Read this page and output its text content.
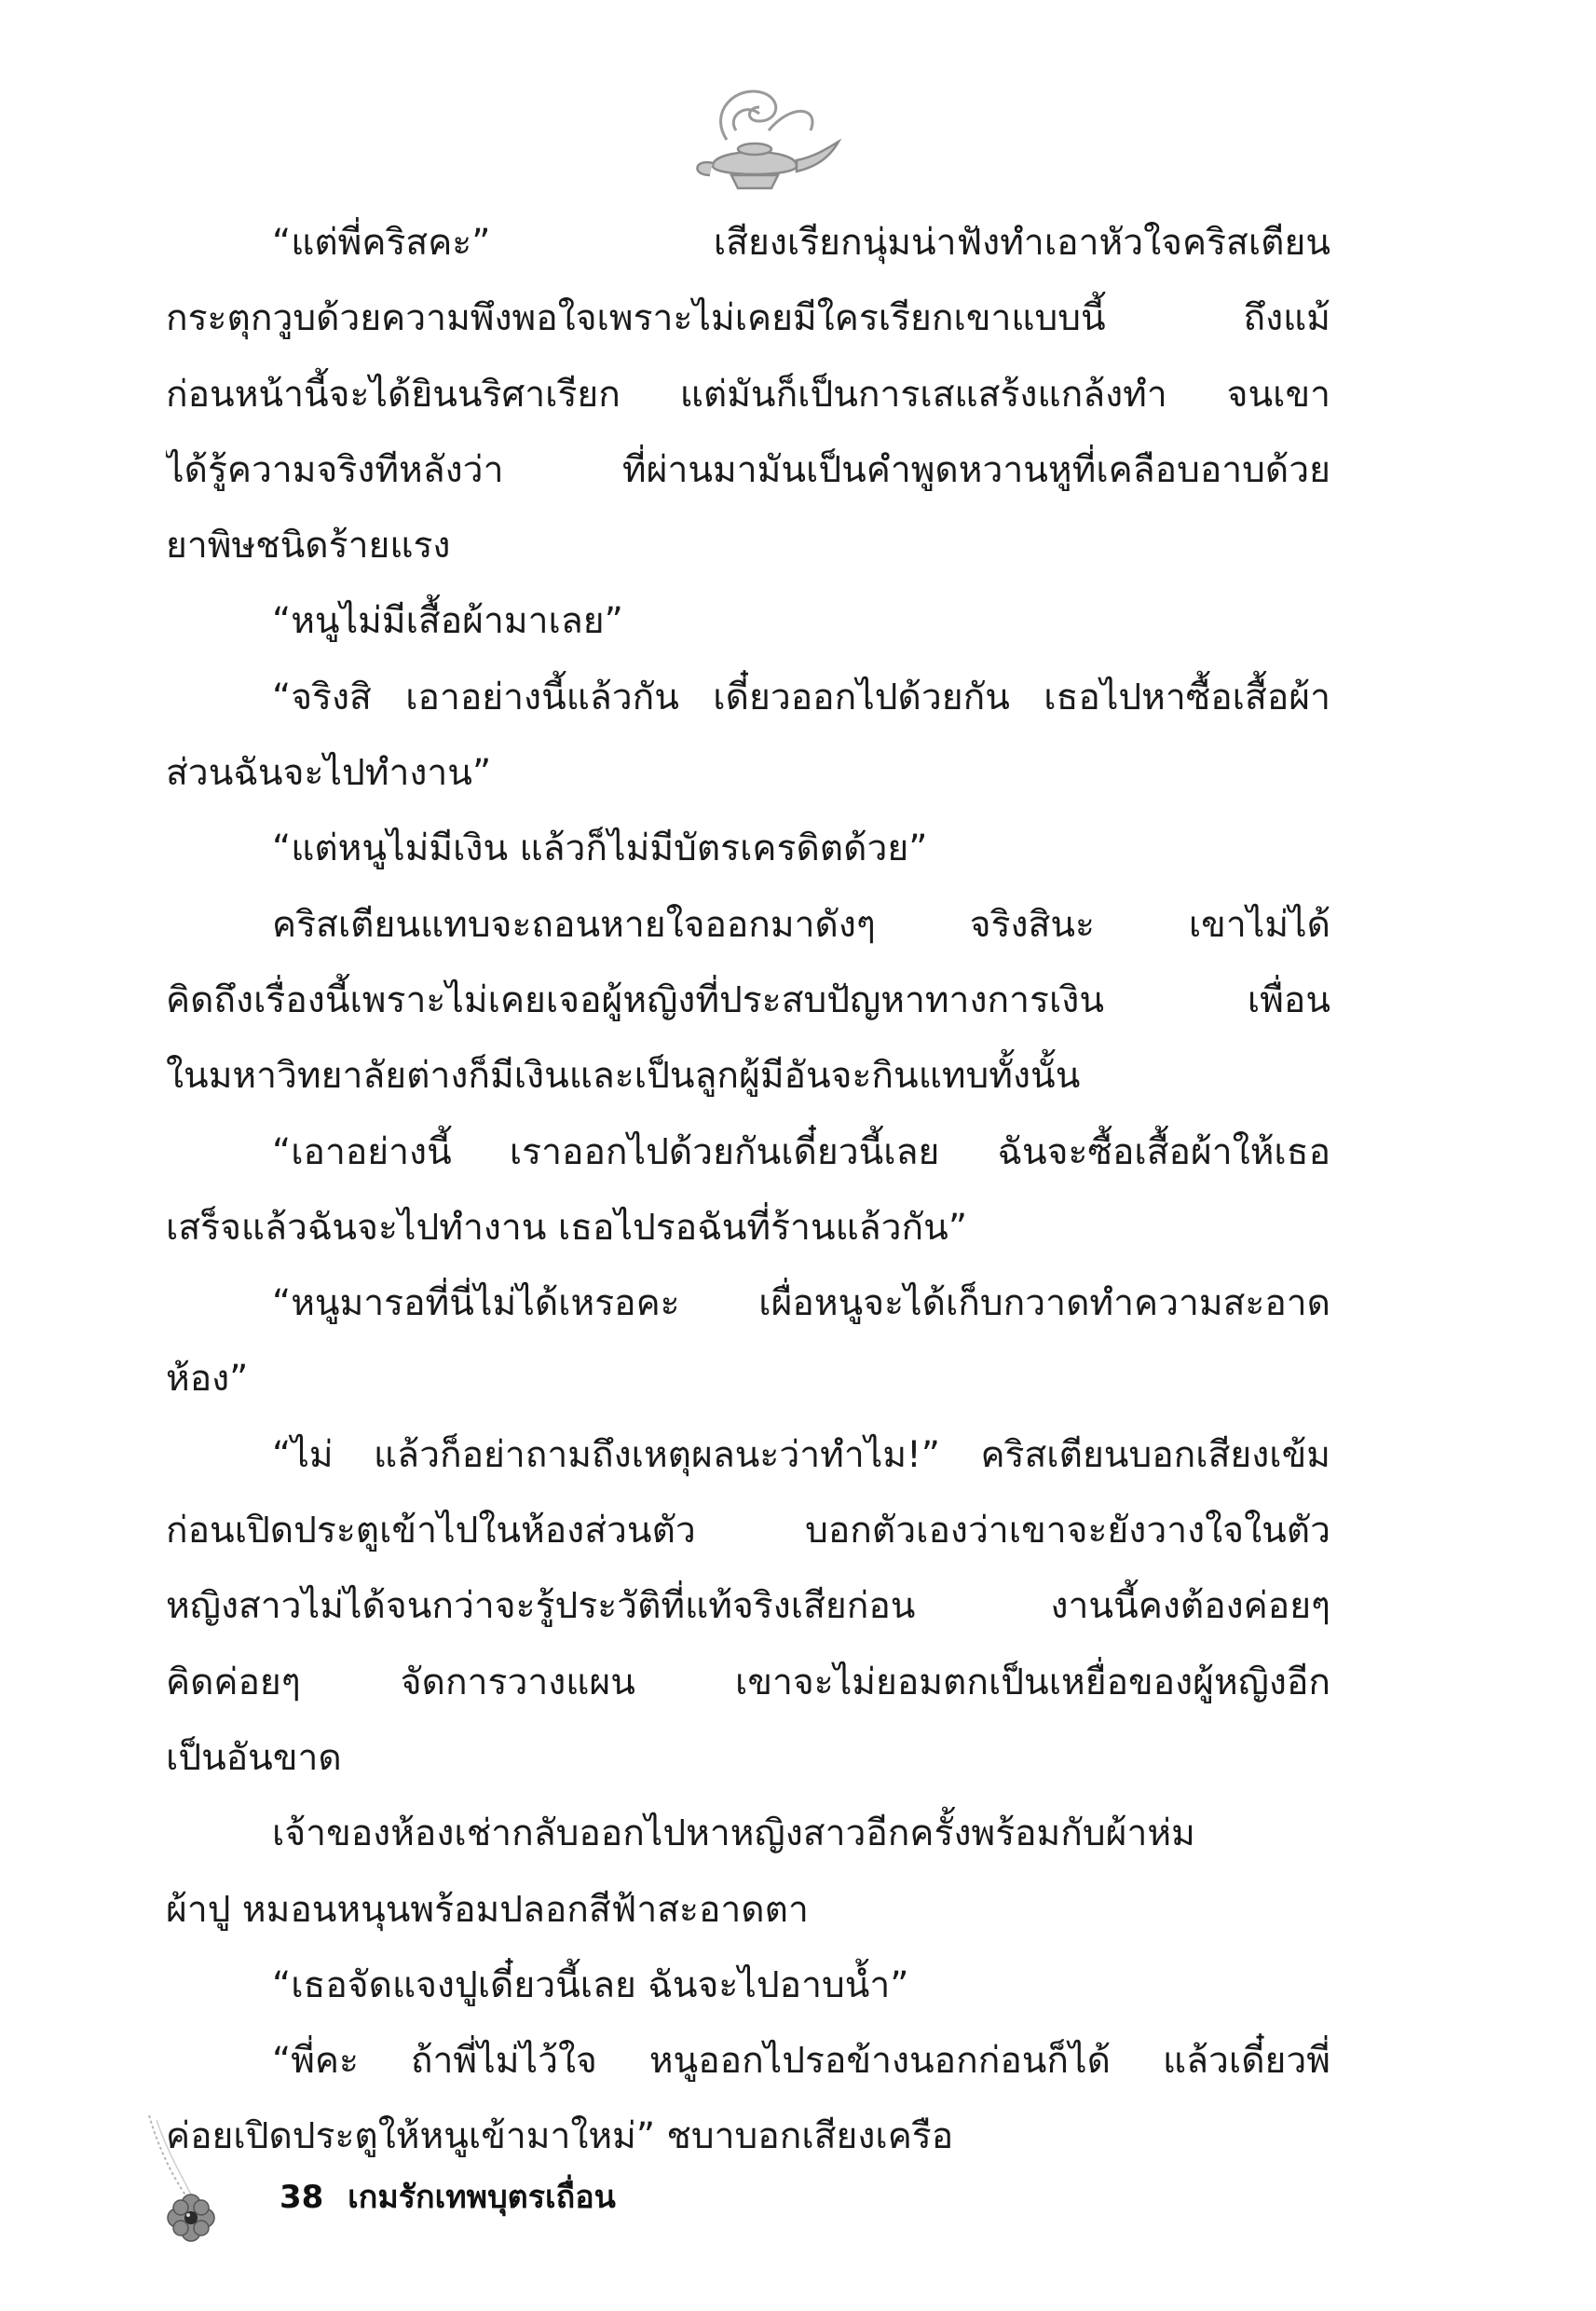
“แต่พี่คริสคะ” เสียงเรียกนุ่มน่าฟังทำเอาหัวใจคริสเตียน
กระตุกวูบด้วยความพึงพอใจเพราะไม่เคยมีใครเรียกเขาแบบนี้ ถึงแม้
ก่อนหน้านี้จะได้ยินนริศาเรียก แต่มันก็เป็นการเสแสร้งแกล้งทำ จนเขา
ได้รู้ความจริงทีหลังว่า ที่ผ่านมามันเป็นคำพูดหวานหูที่เคลือบอาบด้วย
ยาพิษชนิดร้ายแรง
“หนูไม่มีเสื้อผ้ามาเลย”
“จริงสิ เอาอย่างนี้แล้วกัน เดี๋ยวออกไปด้วยกัน เธอไปหาซื้อเสื้อผ้า
ส่วนฉันจะไปทำงาน”
“แต่หนูไม่มีเงิน แล้วก็ไม่มีบัตรเครดิตด้วย”
คริสเตียนแทบจะถอนหายใจออกมาดังๆ จริงสินะ เขาไม่ได้
คิดถึงเรื่องนี้เพราะไม่เคยเจอผู้หญิงที่ประสบปัญหาทางการเงิน เพื่อน
ในมหาวิทยาลัยต่างก็มีเงินและเป็นลูกผู้มีอันจะกินแทบทั้งนั้น
“เอาอย่างนี้ เราออกไปด้วยกันเดี๋ยวนี้เลย ฉันจะซื้อเสื้อผ้าให้เธอ
เสร็จแล้วฉันจะไปทำงาน เธอไปรอฉันที่ร้านแล้วกัน”
“หนูมารอที่นี่ไม่ได้เหรอคะ เผื่อหนูจะได้เก็บกวาดทำความสะอาด
ห้อง”
“ไม่ แล้วก็อย่าถามถึงเหตุผลนะว่าทำไม!” คริสเตียนบอกเสียงเข้ม
ก่อนเปิดประตูเข้าไปในห้องส่วนตัว บอกตัวเองว่าเขาจะยังวางใจในตัว
หญิงสาวไม่ได้จนกว่าจะรู้ประวัติที่แท้จริงเสียก่อน งานนี้คงต้องค่อยๆ
คิดค่อยๆ จัดการวางแผน เขาจะไม่ยอมตกเป็นเหยื่อของผู้หญิงอีก
เป็นอันขาด
เจ้าของห้องเช่ากลับออกไปหาหญิงสาวอีกครั้งพร้อมกับผ้าห่ม
ผ้าปู หมอนหนุนพร้อมปลอกสีฟ้าสะอาดตา
“เธอจัดแจงปูเดี๋ยวนี้เลย ฉันจะไปอาบน้ำ”
“พี่คะ ถ้าพี่ไม่ไว้ใจ หนูออกไปรอข้างนอกก่อนก็ได้ แล้วเดี๋ยวพี่
ค่อยเปิดประตูให้หนูเข้ามาใหม่” ชบาบอกเสียงเครือ
38 เกมรักเทพบุตรเถื่อน
